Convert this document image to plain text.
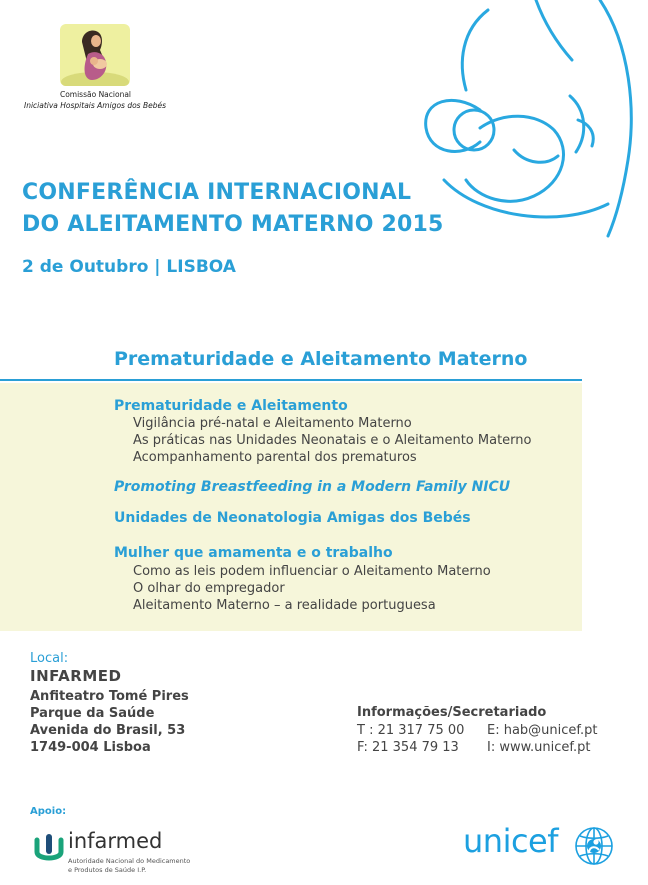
Comissão Nacional
Iniciativa Hospitais Amigos dos Bebés
CONFERÊNCIA INTERNACIONAL
DO ALEITAMENTO MATERNO 2015
2 de Outubro | LISBOA
Prematuridade e Aleitamento Materno
Prematuridade e Aleitamento
Vigilância pré-natal e Aleitamento Materno
As práticas nas Unidades Neonatais e o Aleitamento Materno
Acompanhamento parental dos prematuros
Promoting Breastfeeding in a Modern Family NICU
Unidades de Neonatologia Amigas dos Bebés
Mulher que amamenta e o trabalho
Como as leis podem influenciar o Aleitamento Materno
O olhar do empregador
Aleitamento Materno – a realidade portuguesa
Local:
INFARMED
Anfiteatro Tomé Pires
Parque da Saúde
Avenida do Brasil, 53
1749-004 Lisboa
Informações/Secretariado
T : 21 317 75 00
F: 21 354 79 13
E: hab@unicef.pt
I: www.unicef.pt
Apoio:
infarmed
Autoridade Nacional do Medicamento
e Produtos de Saúde I.P.
unicef
